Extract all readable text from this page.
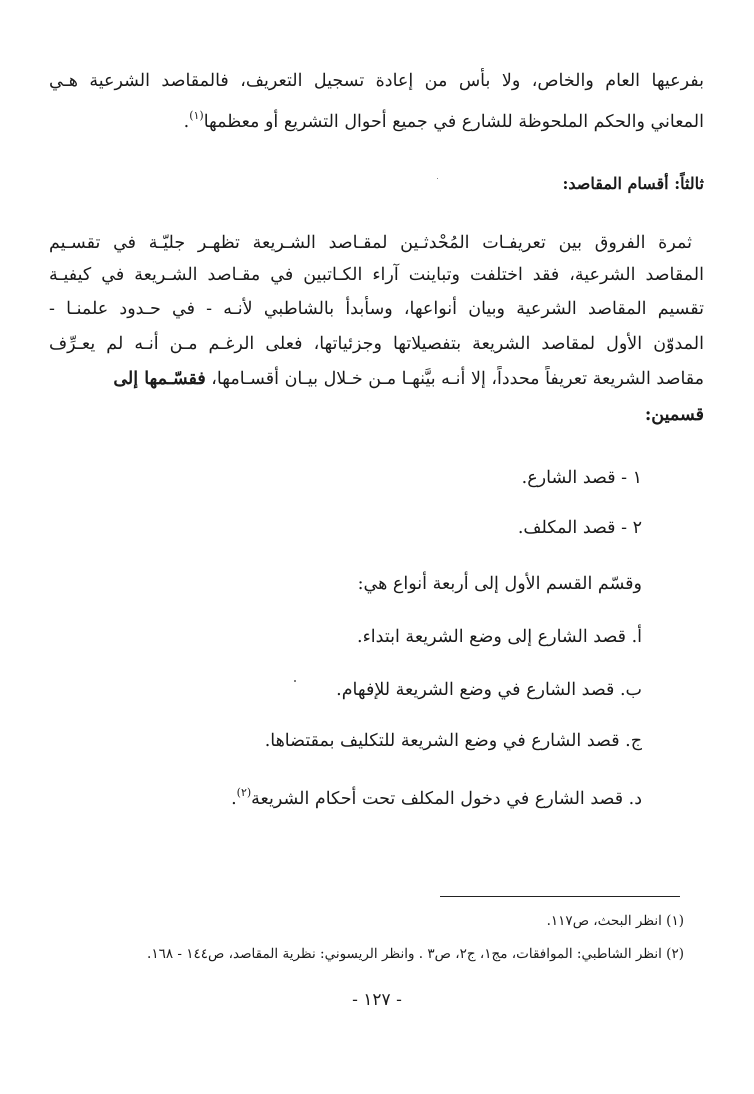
بفرعيها العام والخاص، ولا بأس من إعادة تسجيل التعريف، فالمقاصد الشرعية هـي
المعاني والحكم الملحوظة للشارع في جميع أحوال التشريع أو معظمها$^{(١)}$.
ثالثاً: أقسام المقاصد:
ثمرة الفروق بين تعريفـات المُحْدثـين لمقـاصد الشـريعة تظهـر جليّـة في تقسـيم
المقاصد الشرعية، فقد اختلفت وتباينت آراء الكـاتبين في مقـاصد الشـريعة في كيفيـة
تقسيم المقاصد الشرعية وبيان أنواعها، وسأبدأ بالشاطبي لأنـه - في حـدود علمنـا -
المدوّن الأول لمقاصد الشريعة بتفصيلاتها وجزئياتها، فعلى الرغـم مـن أنـه لم يعـرِّف
مقاصد الشريعة تعريفاً محدداً، إلا أنـه بيَّنهـا مـن خـلال بيـان أقسـامها، فقسّـمها إلى
قسمين:
١ - قصد الشارع.
٢ - قصد المكلف.
وقسّم القسم الأول إلى أربعة أنواع هي:
أ. قصد الشارع إلى وضع الشريعة ابتداء.
ب. قصد الشارع في وضع الشريعة للإفهام.
ج. قصد الشارع في وضع الشريعة للتكليف بمقتضاها.
د. قصد الشارع في دخول المكلف تحت أحكام الشريعة$^{(٢)}$.
(١) انظر البحث، ص١١٧.
(٢) انظر الشاطبي: الموافقات، مج١، ج٢، ص٣ . وانظر الريسوني: نظرية المقاصد، ص١٤٤ - ١٦٨.
- ١٢٧ -
